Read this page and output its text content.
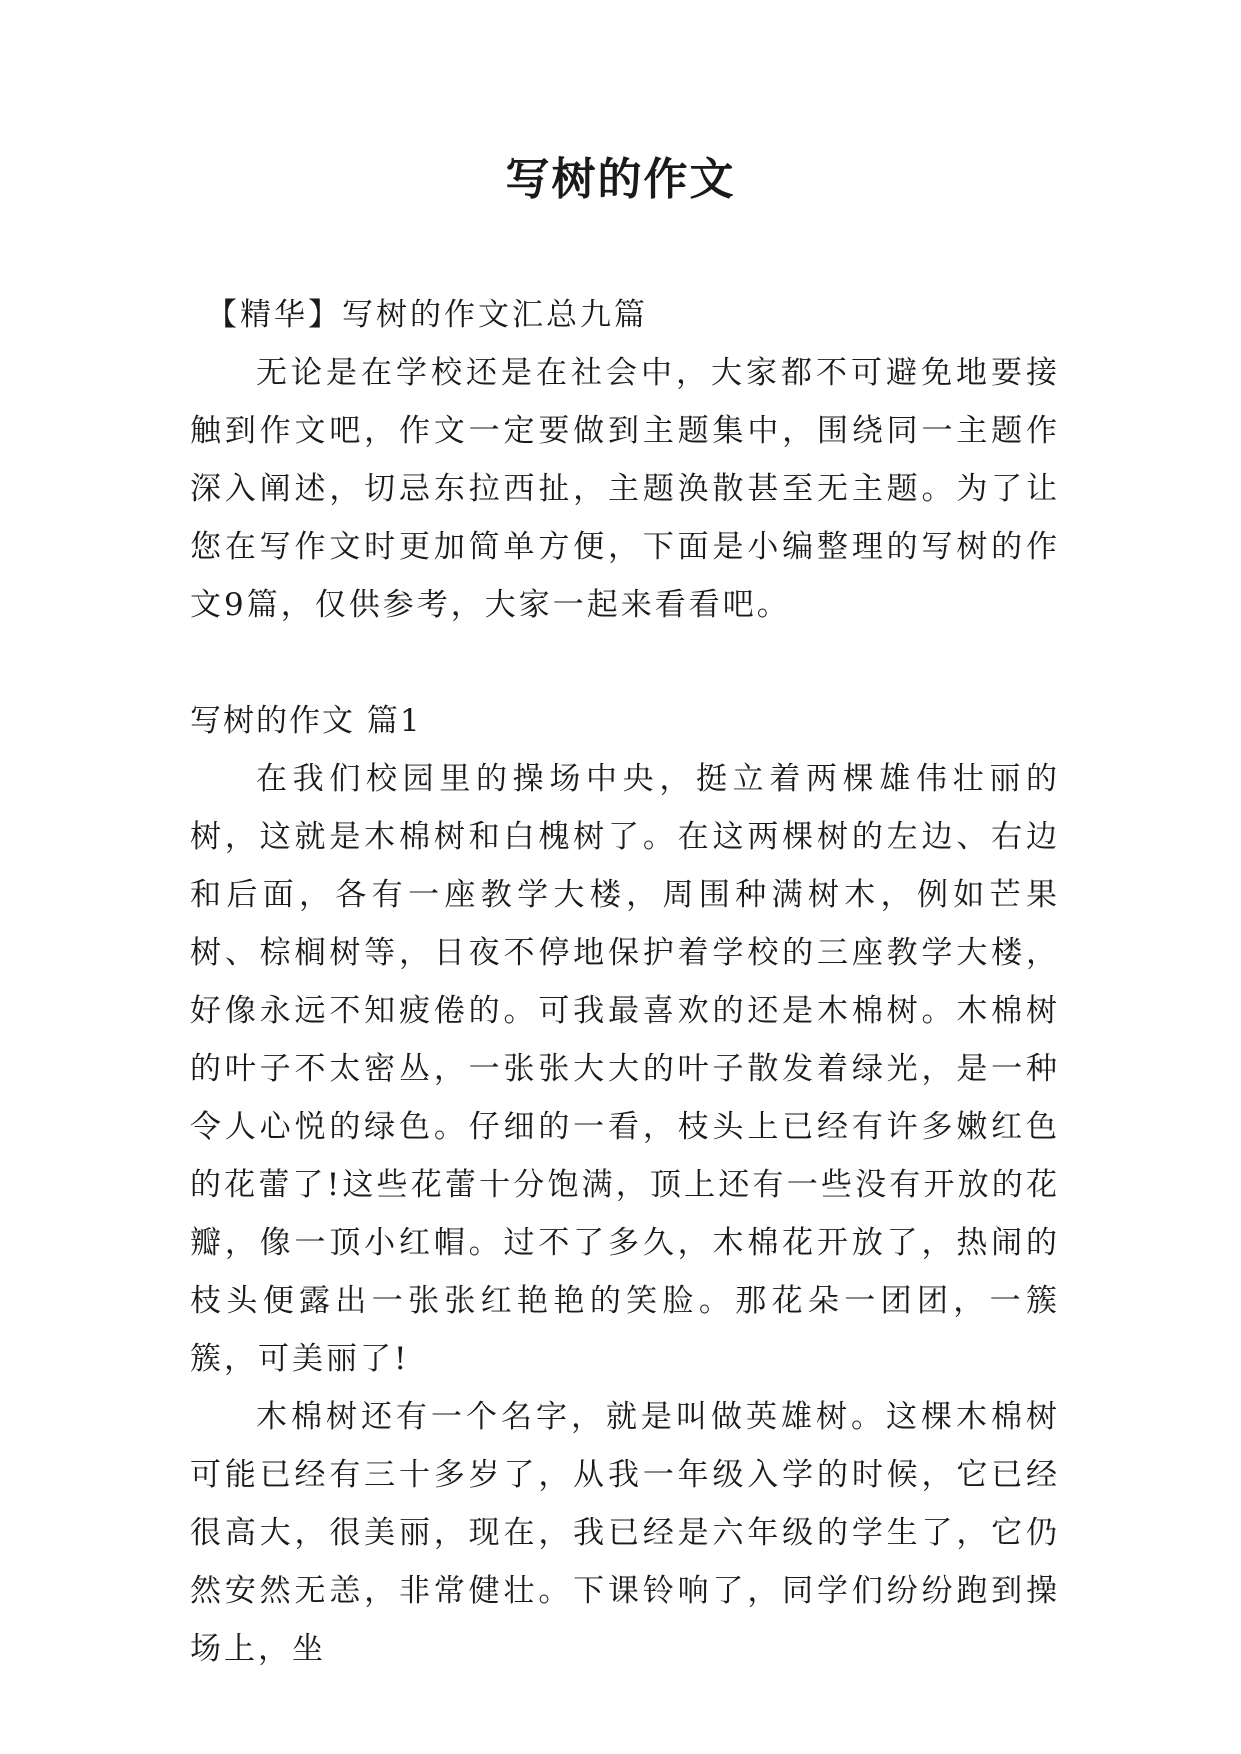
写树的作文

【精华】写树的作文汇总九篇

无论是在学校还是在社会中，大家都不可避免地要接触到作文吧，作文一定要做到主题集中，围绕同一主题作深入阐述，切忌东拉西扯，主题涣散甚至无主题。为了让您在写作文时更加简单方便，下面是小编整理的写树的作文9篇，仅供参考，大家一起来看看吧。

写树的作文 篇1

在我们校园里的操场中央，挺立着两棵雄伟壮丽的树，这就是木棉树和白槐树了。在这两棵树的左边、右边和后面，各有一座教学大楼，周围种满树木，例如芒果树、棕榈树等，日夜不停地保护着学校的三座教学大楼，好像永远不知疲倦的。可我最喜欢的还是木棉树。木棉树的叶子不太密丛，一张张大大的叶子散发着绿光，是一种令人心悦的绿色。仔细的一看，枝头上已经有许多嫩红色的花蕾了!这些花蕾十分饱满，顶上还有一些没有开放的花瓣，像一顶小红帽。过不了多久，木棉花开放了，热闹的枝头便露出一张张红艳艳的笑脸。那花朵一团团，一簇簇，可美丽了!

木棉树还有一个名字，就是叫做英雄树。这棵木棉树可能已经有三十多岁了，从我一年级入学的时候，它已经很高大，很美丽，现在，我已经是六年级的学生了，它仍然安然无恙，非常健壮。下课铃响了，同学们纷纷跑到操场上，坐
